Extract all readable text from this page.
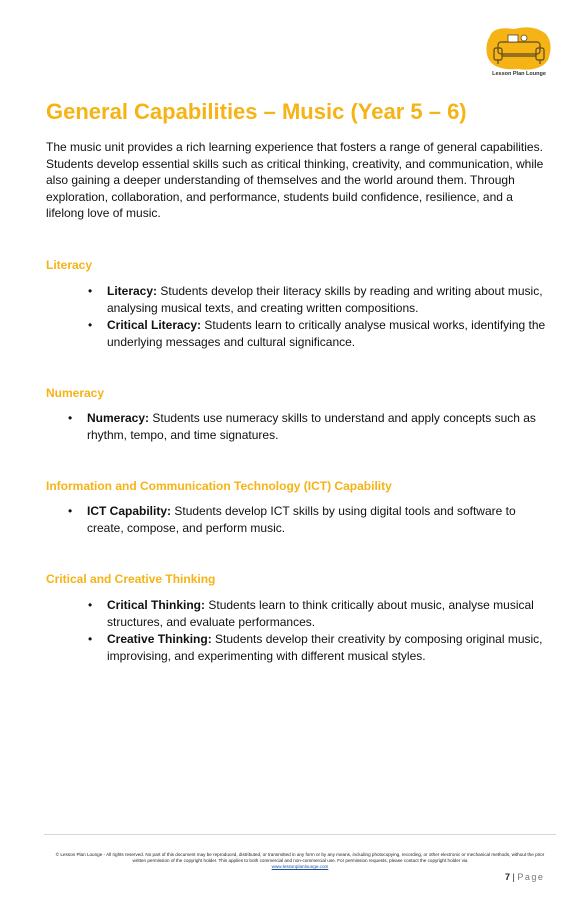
Lesson Plan Lounge
General Capabilities – Music (Year 5 – 6)

The music unit provides a rich learning experience that fosters a range of general capabilities. Students develop essential skills such as critical thinking, creativity, and communication, while also gaining a deeper understanding of themselves and the world around them. Through exploration, collaboration, and performance, students build confidence, resilience, and a lifelong love of music.

Literacy
• Literacy: Students develop their literacy skills by reading and writing about music, analysing musical texts, and creating written compositions.
• Critical Literacy: Students learn to critically analyse musical works, identifying the underlying messages and cultural significance.
Numeracy
• Numeracy: Students use numeracy skills to understand and apply concepts such as rhythm, tempo, and time signatures.
Information and Communication Technology (ICT) Capability
• ICT Capability: Students develop ICT skills by using digital tools and software to create, compose, and perform music.
Critical and Creative Thinking
• Critical Thinking: Students learn to think critically about music, analyse musical structures, and evaluate performances.
• Creative Thinking: Students develop their creativity by composing original music, improvising, and experimenting with different musical styles.
© Lesson Plan Lounge - All rights reserved. No part of this document may be reproduced, distributed, or transmitted in any form or by any means, including photocopying, recording, or other electronic or mechanical methods, without the prior written permission of the copyright holder. This applies to both commercial and non-commercial use. For permission requests, please contact the copyright holder via
www.lessonplanlounge.com
7 | Page
